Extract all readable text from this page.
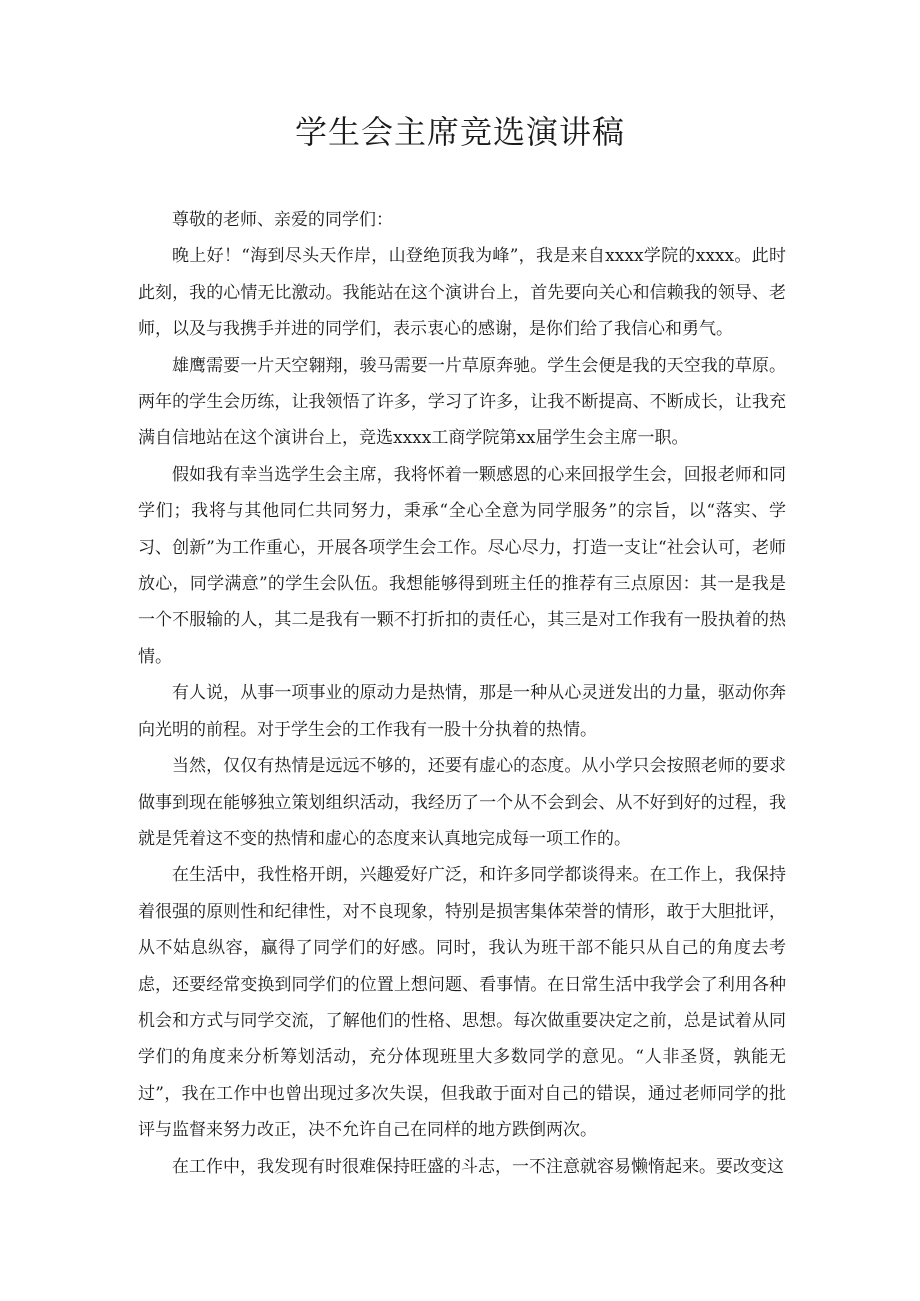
学生会主席竞选演讲稿

尊敬的老师、亲爱的同学们：

晚上好！“海到尽头天作岸，山登绝顶我为峰”，我是来自xxxx学院的xxxx。此时此刻，我的心情无比激动。我能站在这个演讲台上，首先要向关心和信赖我的领导、老师，以及与我携手并进的同学们，表示衷心的感谢，是你们给了我信心和勇气。

雄鹰需要一片天空翱翔，骏马需要一片草原奔驰。学生会便是我的天空我的草原。两年的学生会历练，让我领悟了许多，学习了许多，让我不断提高、不断成长，让我充满自信地站在这个演讲台上，竞选xxxx工商学院第xx届学生会主席一职。

假如我有幸当选学生会主席，我将怀着一颗感恩的心来回报学生会，回报老师和同学们；我将与其他同仁共同努力，秉承“全心全意为同学服务”的宗旨，以“落实、学习、创新”为工作重心，开展各项学生会工作。尽心尽力，打造一支让“社会认可，老师放心，同学满意”的学生会队伍。我想能够得到班主任的推荐有三点原因：其一是我是一个不服输的人，其二是我有一颗不打折扣的责任心，其三是对工作我有一股执着的热情。

有人说，从事一项事业的原动力是热情，那是一种从心灵迸发出的力量，驱动你奔向光明的前程。对于学生会的工作我有一股十分执着的热情。

当然，仅仅有热情是远远不够的，还要有虚心的态度。从小学只会按照老师的要求做事到现在能够独立策划组织活动，我经历了一个从不会到会、从不好到好的过程，我就是凭着这不变的热情和虚心的态度来认真地完成每一项工作的。

在生活中，我性格开朗，兴趣爱好广泛，和许多同学都谈得来。在工作上，我保持着很强的原则性和纪律性，对不良现象，特别是损害集体荣誉的情形，敢于大胆批评，从不姑息纵容，赢得了同学们的好感。同时，我认为班干部不能只从自己的角度去考虑，还要经常变换到同学们的位置上想问题、看事情。在日常生活中我学会了利用各种机会和方式与同学交流，了解他们的性格、思想。每次做重要决定之前，总是试着从同学们的角度来分析筹划活动，充分体现班里大多数同学的意见。“人非圣贤，孰能无过”，我在工作中也曾出现过多次失误，但我敢于面对自己的错误，通过老师同学的批评与监督来努力改正，决不允许自己在同样的地方跌倒两次。

在工作中，我发现有时很难保持旺盛的斗志，一不注意就容易懒惰起来。要改变这
